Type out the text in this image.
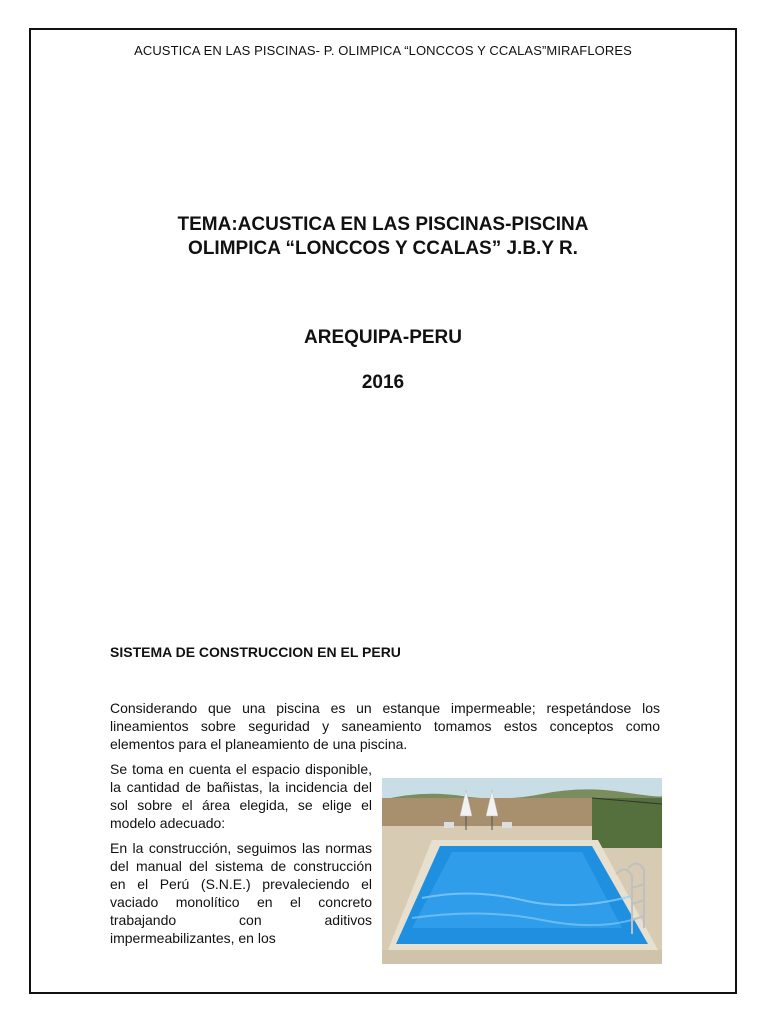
ACUSTICA EN LAS PISCINAS- P. OLIMPICA “LONCCOS Y CCALAS”MIRAFLORES
TEMA:ACUSTICA EN LAS PISCINAS-PISCINA
OLIMPICA “LONCCOS Y CCALAS” J.B.Y R.
AREQUIPA-PERU
2016
SISTEMA DE CONSTRUCCION EN EL PERU

Considerando que una piscina es un estanque impermeable; respetándose los lineamientos sobre seguridad y saneamiento tomamos estos conceptos como elementos para el planeamiento de una piscina.

Se toma en cuenta el espacio disponible, la cantidad de bañistas, la incidencia del sol sobre el área elegida, se elige el modelo adecuado:

En la construcción, seguimos las normas del manual del sistema de construcción en el Perú (S.N.E.) prevaleciendo el vaciado monolítico en el concreto trabajando con aditivos impermeabilizantes, en los
